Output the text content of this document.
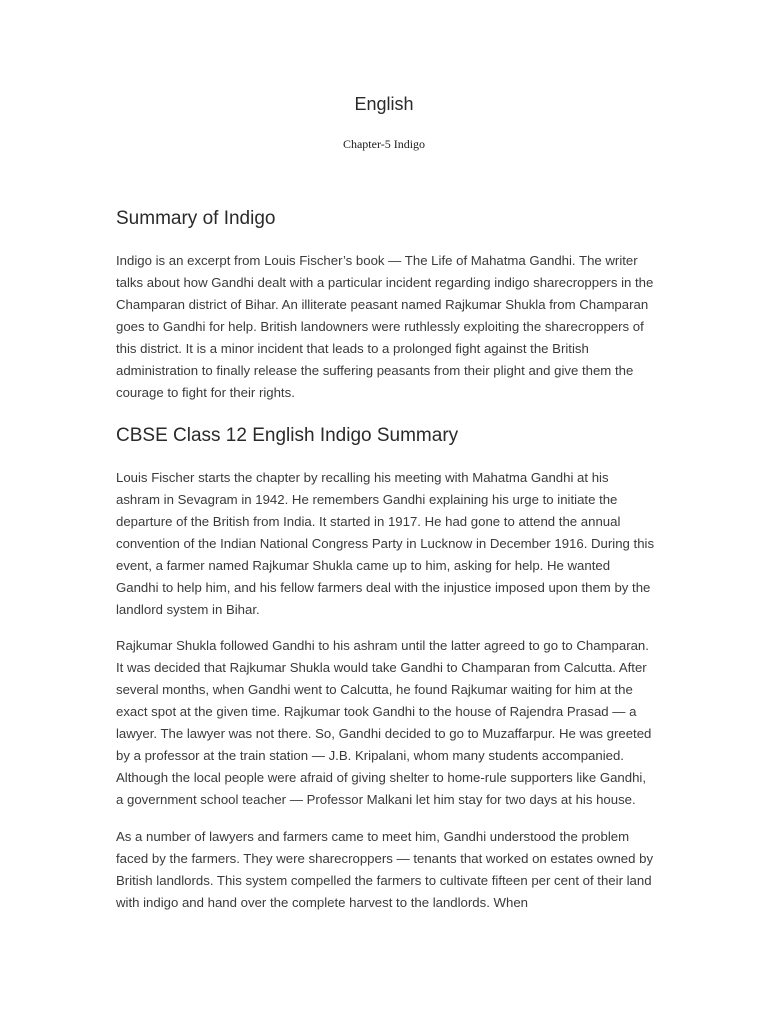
English
Chapter-5 Indigo
Summary of Indigo

Indigo is an excerpt from Louis Fischer’s book — The Life of Mahatma Gandhi. The writer talks about how Gandhi dealt with a particular incident regarding indigo sharecroppers in the Champaran district of Bihar. An illiterate peasant named Rajkumar Shukla from Champaran goes to Gandhi for help. British landowners were ruthlessly exploiting the sharecroppers of this district. It is a minor incident that leads to a prolonged fight against the British administration to finally release the suffering peasants from their plight and give them the courage to fight for their rights.

CBSE Class 12 English Indigo Summary

Louis Fischer starts the chapter by recalling his meeting with Mahatma Gandhi at his ashram in Sevagram in 1942. He remembers Gandhi explaining his urge to initiate the departure of the British from India. It started in 1917. He had gone to attend the annual convention of the Indian National Congress Party in Lucknow in December 1916. During this event, a farmer named Rajkumar Shukla came up to him, asking for help. He wanted Gandhi to help him, and his fellow farmers deal with the injustice imposed upon them by the landlord system in Bihar.

Rajkumar Shukla followed Gandhi to his ashram until the latter agreed to go to Champaran. It was decided that Rajkumar Shukla would take Gandhi to Champaran from Calcutta. After several months, when Gandhi went to Calcutta, he found Rajkumar waiting for him at the exact spot at the given time. Rajkumar took Gandhi to the house of Rajendra Prasad — a lawyer. The lawyer was not there. So, Gandhi decided to go to Muzaffarpur. He was greeted by a professor at the train station — J.B. Kripalani, whom many students accompanied. Although the local people were afraid of giving shelter to home-rule supporters like Gandhi, a government school teacher — Professor Malkani let him stay for two days at his house.

As a number of lawyers and farmers came to meet him, Gandhi understood the problem faced by the farmers. They were sharecroppers — tenants that worked on estates owned by British landlords. This system compelled the farmers to cultivate fifteen per cent of their land with indigo and hand over the complete harvest to the landlords. When
